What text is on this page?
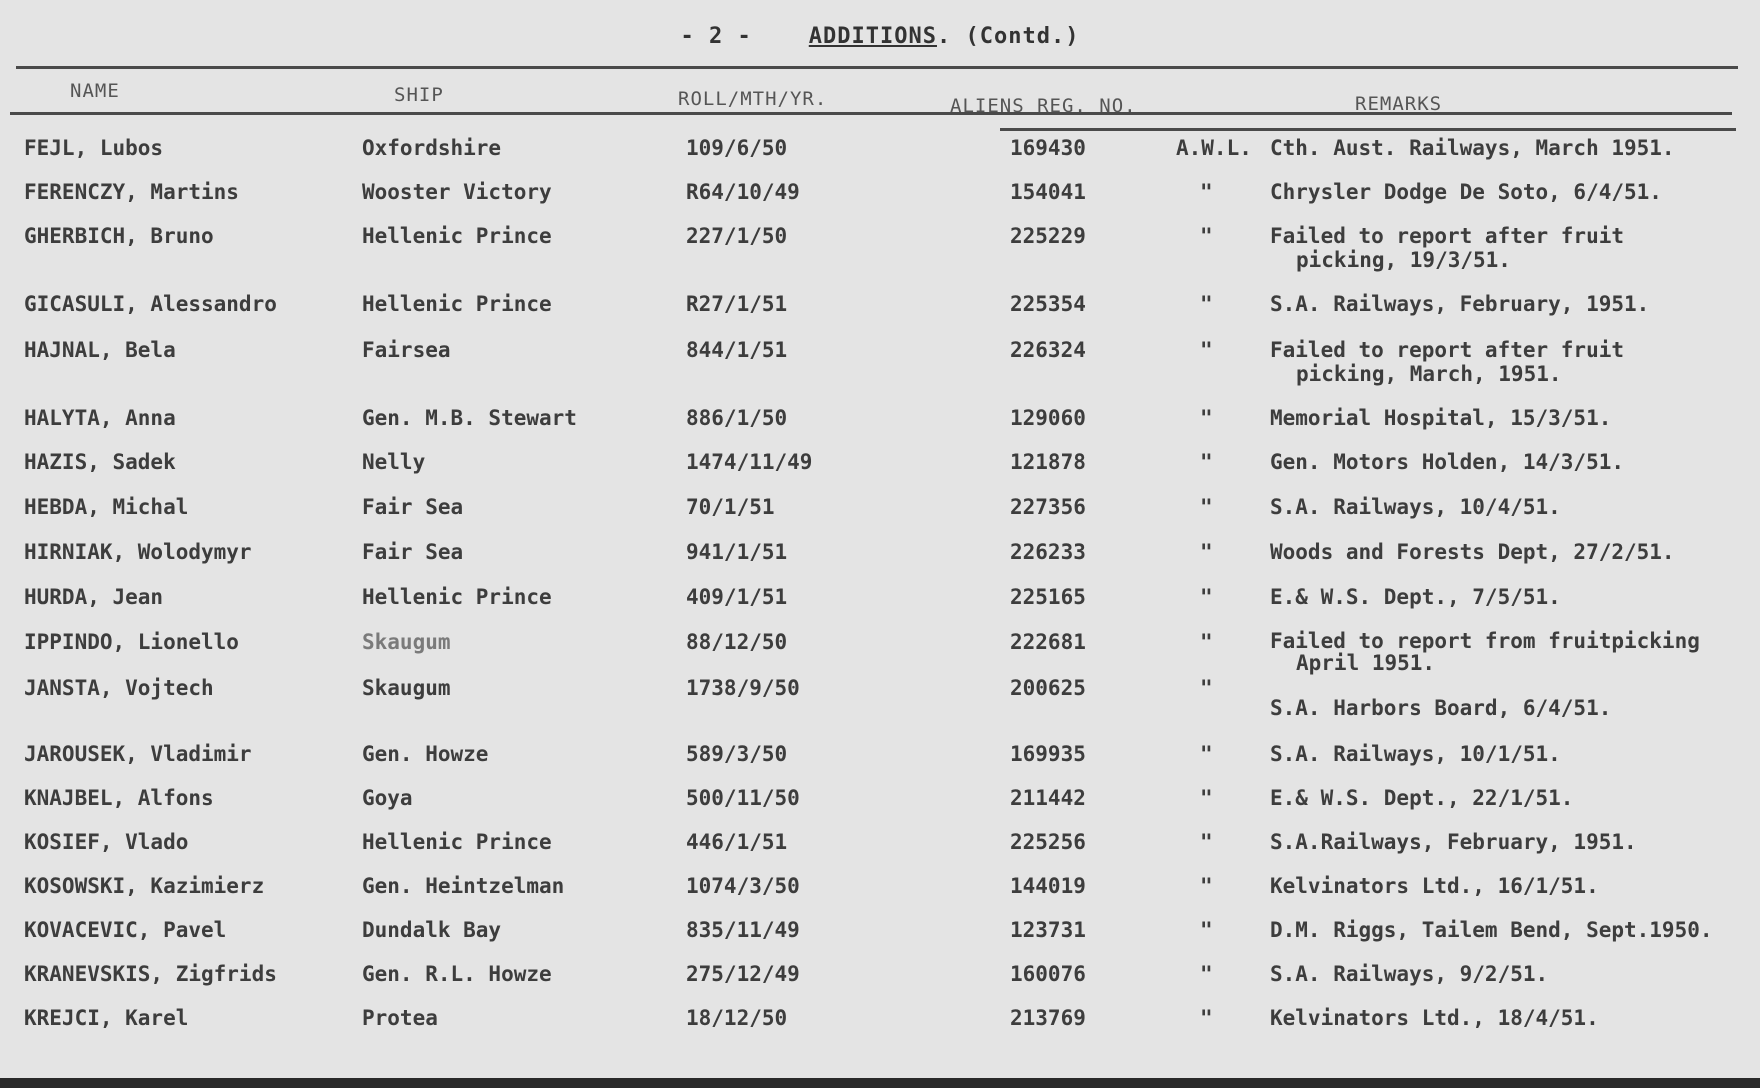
- 2 -	ADDITIONS. (Contd.)
NAME	SHIP	ROLL/MTH/YR.	ALIENS REG. NO.	REMARKS
FEJL, Lubos	Oxfordshire	109/6/50	169430	A.W.L. Cth. Aust. Railways, March 1951.
FERENCZY, Martins	Wooster Victory	R64/10/49	154041	"	Chrysler Dodge De Soto, 6/4/51.
GHERBICH, Bruno	Hellenic Prince	227/1/50	225229	"	Failed to report after fruit
picking, 19/3/51.
GICASULI, Alessandro	Hellenic Prince	R27/1/51	225354	"	S.A. Railways, February, 1951.
HAJNAL, Bela	Fairsea	844/1/51	226324	"	Failed to report after fruit
picking, March, 1951.
HALYTA, Anna	Gen. M.B. Stewart	886/1/50	129060	"	Memorial Hospital, 15/3/51.
HAZIS, Sadek	Nelly	1474/11/49	121878	"	Gen. Motors Holden, 14/3/51.
HEBDA, Michal	Fair Sea	70/1/51	227356	"	S.A. Railways, 10/4/51.
HIRNIAK, Wolodymyr	Fair Sea	941/1/51	226233	"	Woods and Forests Dept, 27/2/51.
HURDA, Jean	Hellenic Prince	409/1/51	225165	"	E.& W.S. Dept., 7/5/51.
IPPINDO, Lionello	Skaugum	88/12/50	222681	"	Failed to report from fruitpicking
April 1951.
JANSTA, Vojtech	Skaugum	1738/9/50	200625	"
S.A. Harbors Board, 6/4/51.
JAROUSEK, Vladimir	Gen. Howze	589/3/50	169935	"	S.A. Railways, 10/1/51.
KNAJBEL, Alfons	Goya	500/11/50	211442	"	E.& W.S. Dept., 22/1/51.
KOSIEF, Vlado	Hellenic Prince	446/1/51	225256	"	S.A.Railways, February, 1951.
KOSOWSKI, Kazimierz	Gen. Heintzelman	1074/3/50	144019	"	Kelvinators Ltd., 16/1/51.
KOVACEVIC, Pavel	Dundalk Bay	835/11/49	123731	"	D.M. Riggs, Tailem Bend, Sept.1950.
KRANEVSKIS, Zigfrids	Gen. R.L. Howze	275/12/49	160076	"	S.A. Railways, 9/2/51.
KREJCI, Karel	Protea	18/12/50	213769	"	Kelvinators Ltd., 18/4/51.
